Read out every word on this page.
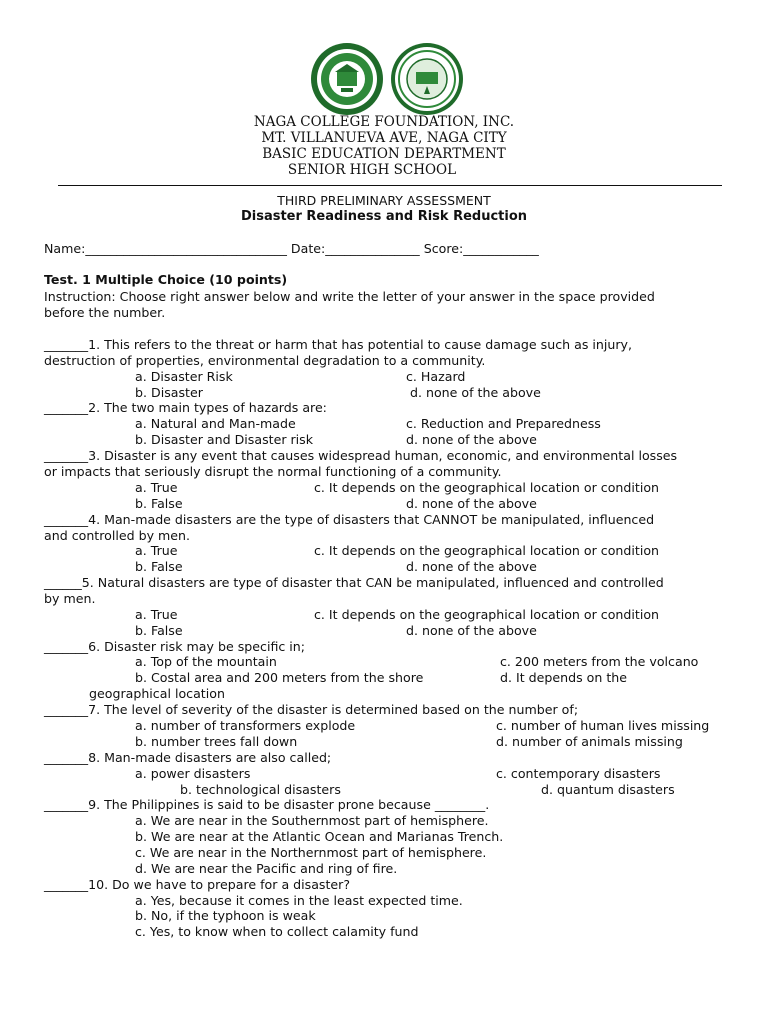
NAGA COLLEGE FOUNDATION, INC.
MT. VILLANUEVA AVE, NAGA CITY
BASIC EDUCATION DEPARTMENT
SENIOR HIGH SCHOOL
THIRD PRELIMINARY ASSESSMENT
Disaster Readiness and Risk Reduction
Name:________________________________ Date:_______________ Score:____________
Test. 1 Multiple Choice (10 points)
Instruction: Choose right answer below and write the letter of your answer in the space provided
before the number.
_______1. This refers to the threat or harm that has potential to cause damage such as injury,
destruction of properties, environmental degradation to a community.
a. Disaster Risk	c. Hazard
b. Disaster	d. none of the above
_______2. The two main types of hazards are:
a. Natural and Man-made	c. Reduction and Preparedness
b. Disaster and Disaster risk	d. none of the above
_______3. Disaster is any event that causes widespread human, economic, and environmental losses
or impacts that seriously disrupt the normal functioning of a community.
a. True	c. It depends on the geographical location or condition
b. False	d. none of the above
_______4. Man-made disasters are the type of disasters that CANNOT be manipulated, influenced
and controlled by men.
a. True	c. It depends on the geographical location or condition
b. False	d. none of the above
______5. Natural disasters are type of disaster that CAN be manipulated, influenced and controlled
by men.
a. True	c. It depends on the geographical location or condition
b. False	d. none of the above
_______6. Disaster risk may be specific in;
a. Top of the mountain	c. 200 meters from the volcano
b. Costal area and 200 meters from the shore	d. It depends on the
geographical location
_______7. The level of severity of the disaster is determined based on the number of;
a. number of transformers explode	c. number of human lives missing
b. number trees fall down	d. number of animals missing
_______8. Man-made disasters are also called;
a. power disasters	c. contemporary disasters
b. technological disasters	d. quantum disasters
_______9. The Philippines is said to be disaster prone because ________.
a. We are near in the Southernmost part of hemisphere.
b. We are near at the Atlantic Ocean and Marianas Trench.
c. We are near in the Northernmost part of hemisphere.
d. We are near the Pacific and ring of fire.
_______10. Do we have to prepare for a disaster?
a. Yes, because it comes in the least expected time.
b. No, if the typhoon is weak
c. Yes, to know when to collect calamity fund
